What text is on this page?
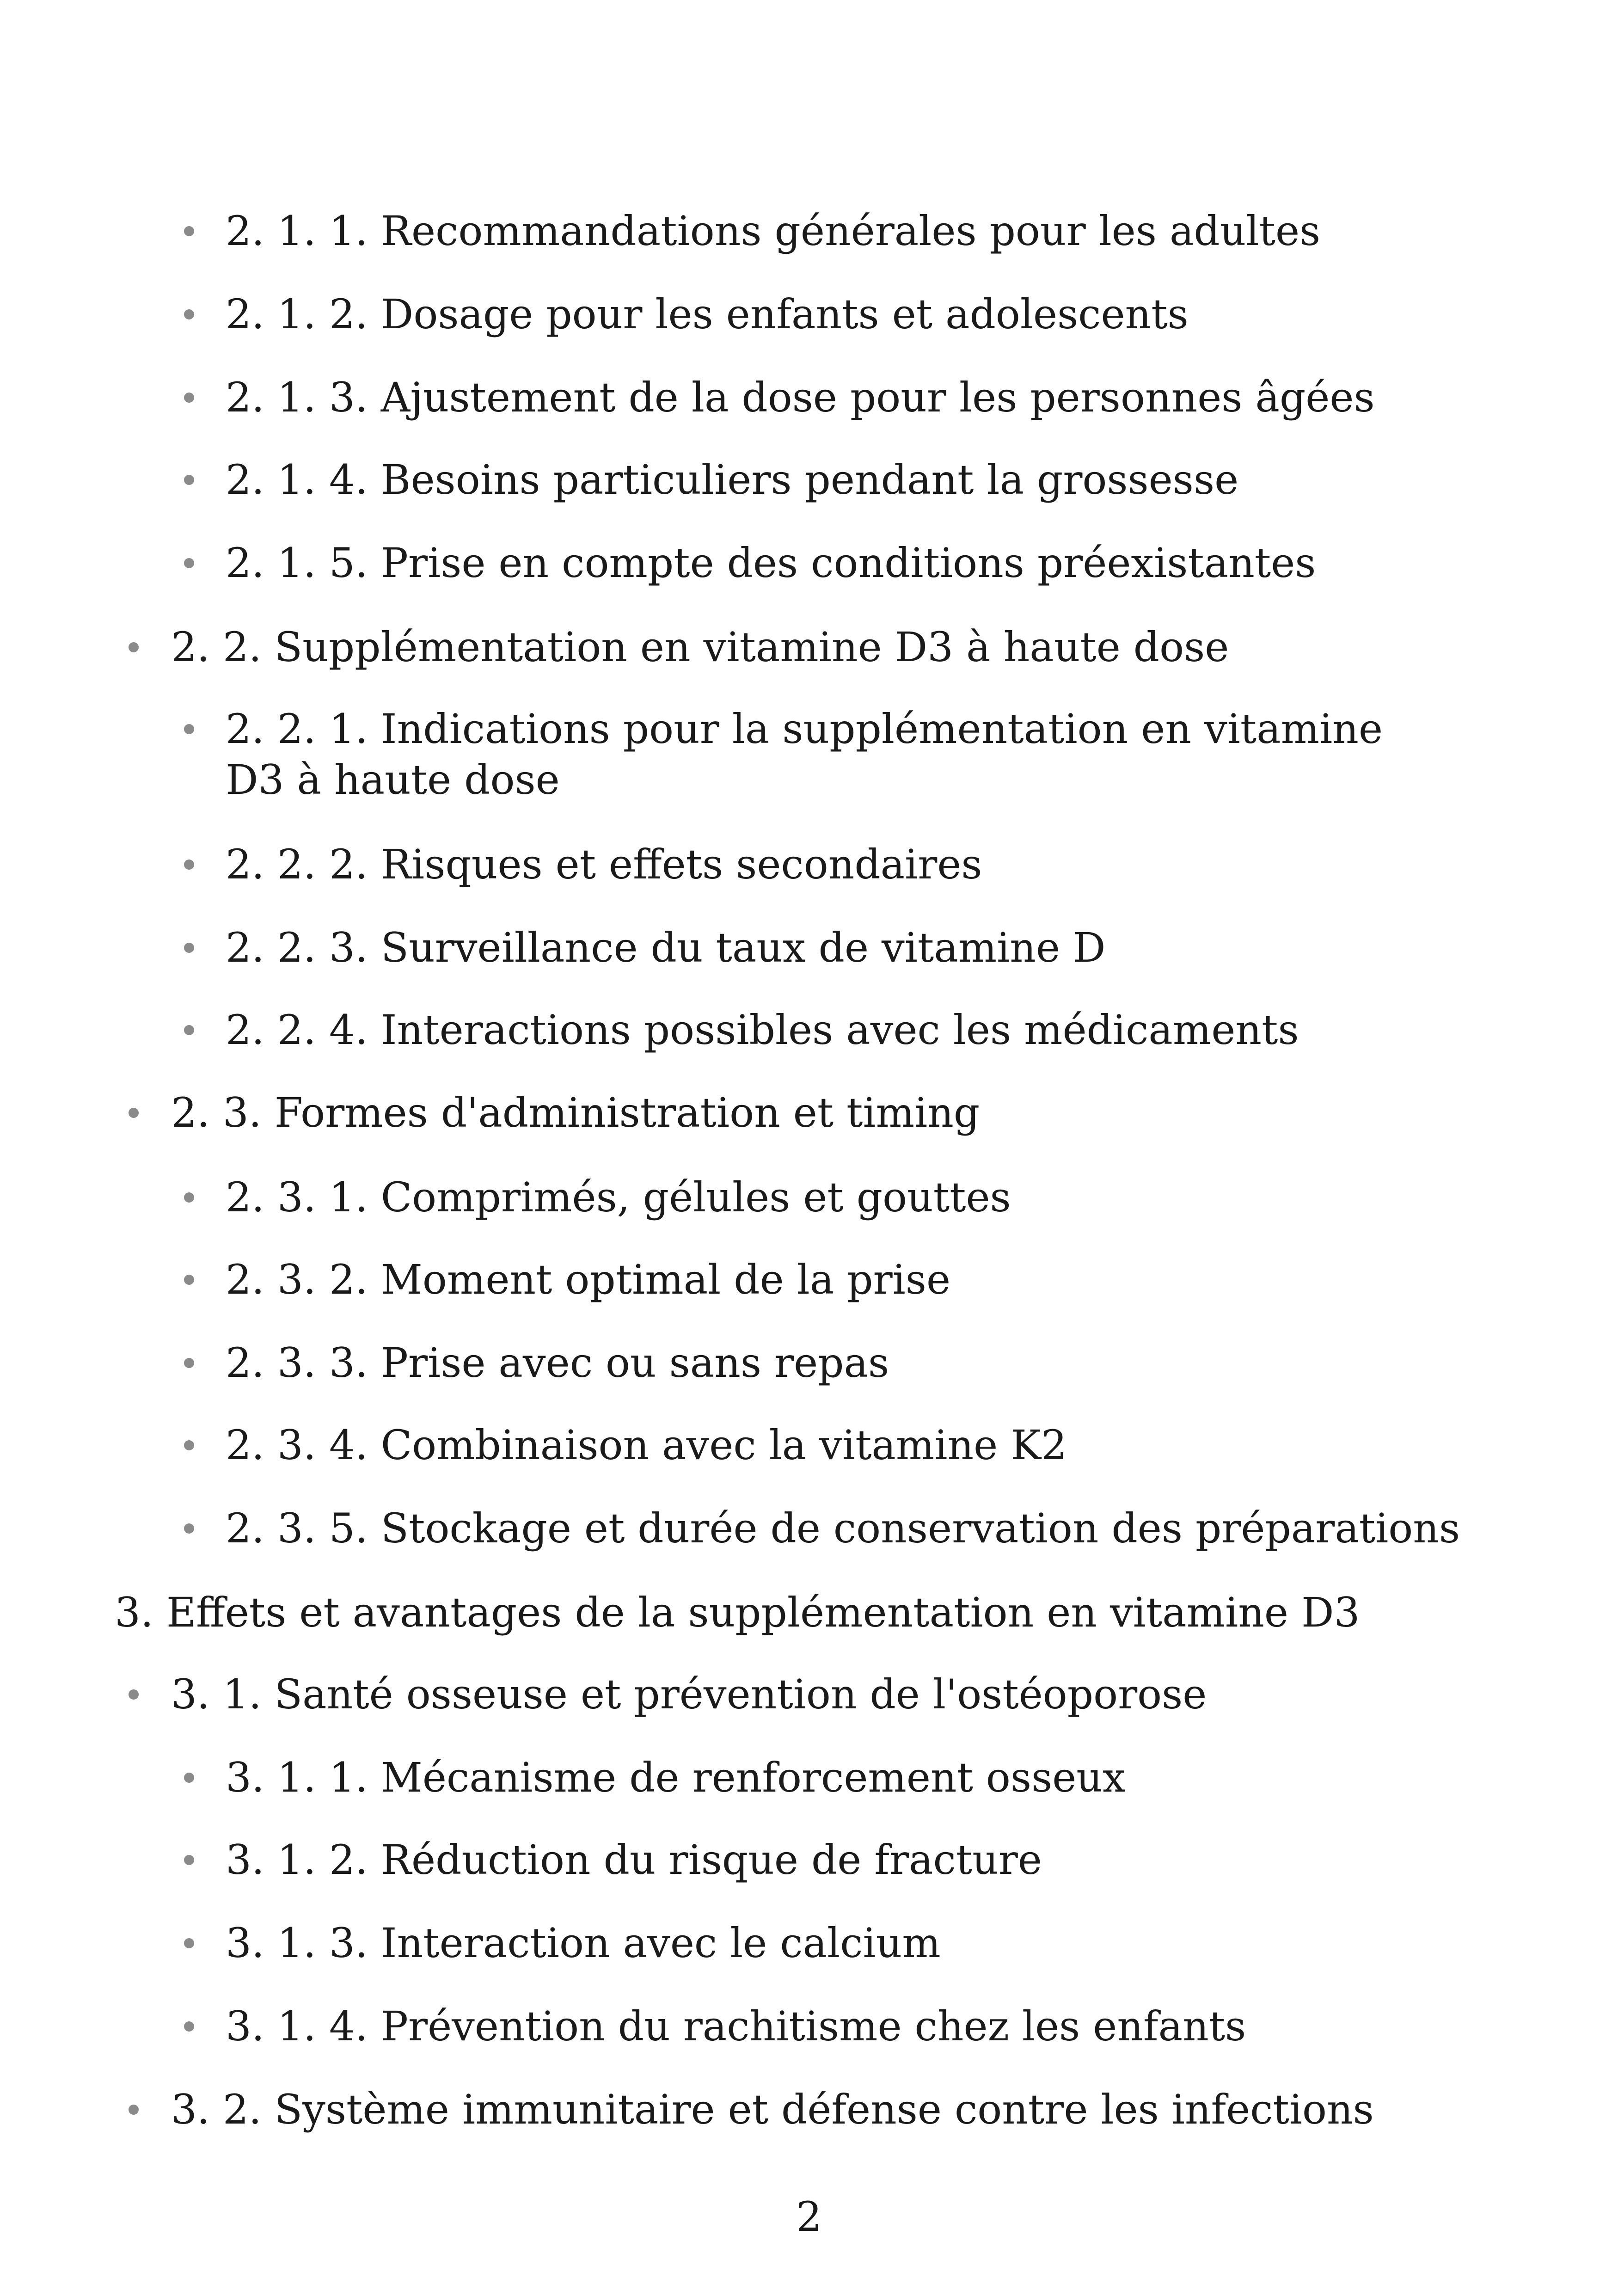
2. 1. 1. Recommandations générales pour les adultes
2. 1. 2. Dosage pour les enfants et adolescents
2. 1. 3. Ajustement de la dose pour les personnes âgées
2. 1. 4. Besoins particuliers pendant la grossesse
2. 1. 5. Prise en compte des conditions préexistantes
2. 2. Supplémentation en vitamine D3 à haute dose
2. 2. 1. Indications pour la supplémentation en vitamine D3 à haute dose
2. 2. 2. Risques et effets secondaires
2. 2. 3. Surveillance du taux de vitamine D
2. 2. 4. Interactions possibles avec les médicaments
2. 3. Formes d'administration et timing
2. 3. 1. Comprimés, gélules et gouttes
2. 3. 2. Moment optimal de la prise
2. 3. 3. Prise avec ou sans repas
2. 3. 4. Combinaison avec la vitamine K2
2. 3. 5. Stockage et durée de conservation des préparations
3. Effets et avantages de la supplémentation en vitamine D3
3. 1. Santé osseuse et prévention de l'ostéoporose
3. 1. 1. Mécanisme de renforcement osseux
3. 1. 2. Réduction du risque de fracture
3. 1. 3. Interaction avec le calcium
3. 1. 4. Prévention du rachitisme chez les enfants
3. 2. Système immunitaire et défense contre les infections
2
